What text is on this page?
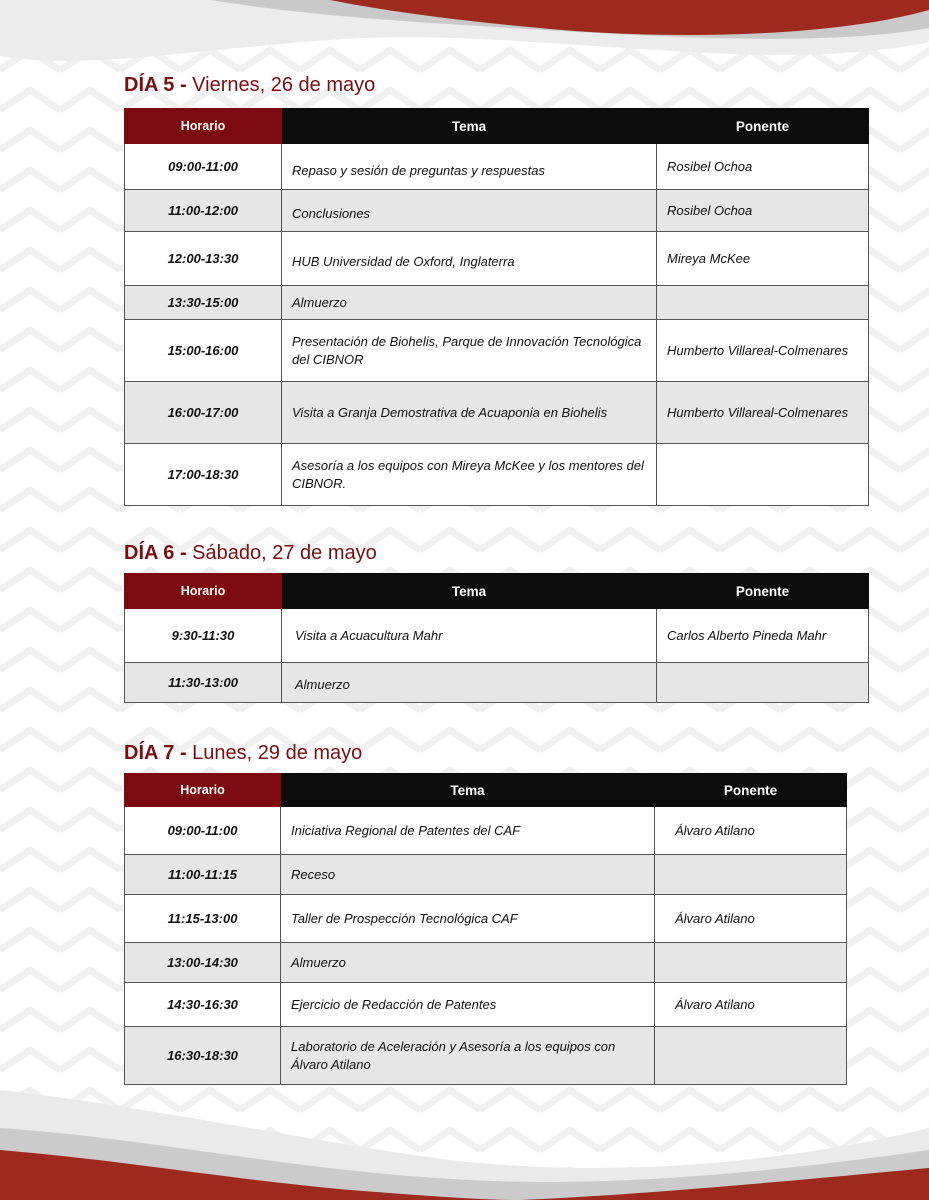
DÍA 5 - Viernes, 26 de mayo
Horario	Tema	Ponente
09:00-11:00	Repaso y sesión de preguntas y respuestas	Rosibel Ochoa
11:00-12:00	Conclusiones	Rosibel Ochoa
12:00-13:30	HUB Universidad de Oxford, Inglaterra	Mireya McKee
13:30-15:00	Almuerzo	
15:00-16:00	Presentación de Biohelis, Parque de Innovación Tecnológica del CIBNOR	Humberto Villareal-Colmenares
16:00-17:00	Visita a Granja Demostrativa de Acuaponia en Biohelis	Humberto Villareal-Colmenares
17:00-18:30	Asesoría a los equipos con Mireya McKee y los mentores del CIBNOR.	
DÍA 6 - Sábado, 27 de mayo
Horario	Tema	Ponente
9:30-11:30	Visita a Acuacultura Mahr	Carlos Alberto Pineda Mahr
11:30-13:00	Almuerzo	
DÍA 7 - Lunes, 29 de mayo
Horario	Tema	Ponente
09:00-11:00	Iniciativa Regional de Patentes del CAF	Álvaro Atilano
11:00-11:15	Receso	
11:15-13:00	Taller de Prospección Tecnológica CAF	Álvaro Atilano
13:00-14:30	Almuerzo	
14:30-16:30	Ejercicio de Redacción de Patentes	Álvaro Atilano
16:30-18:30	Laboratorio de Aceleración y Asesoría a los equipos con Álvaro Atilano	
